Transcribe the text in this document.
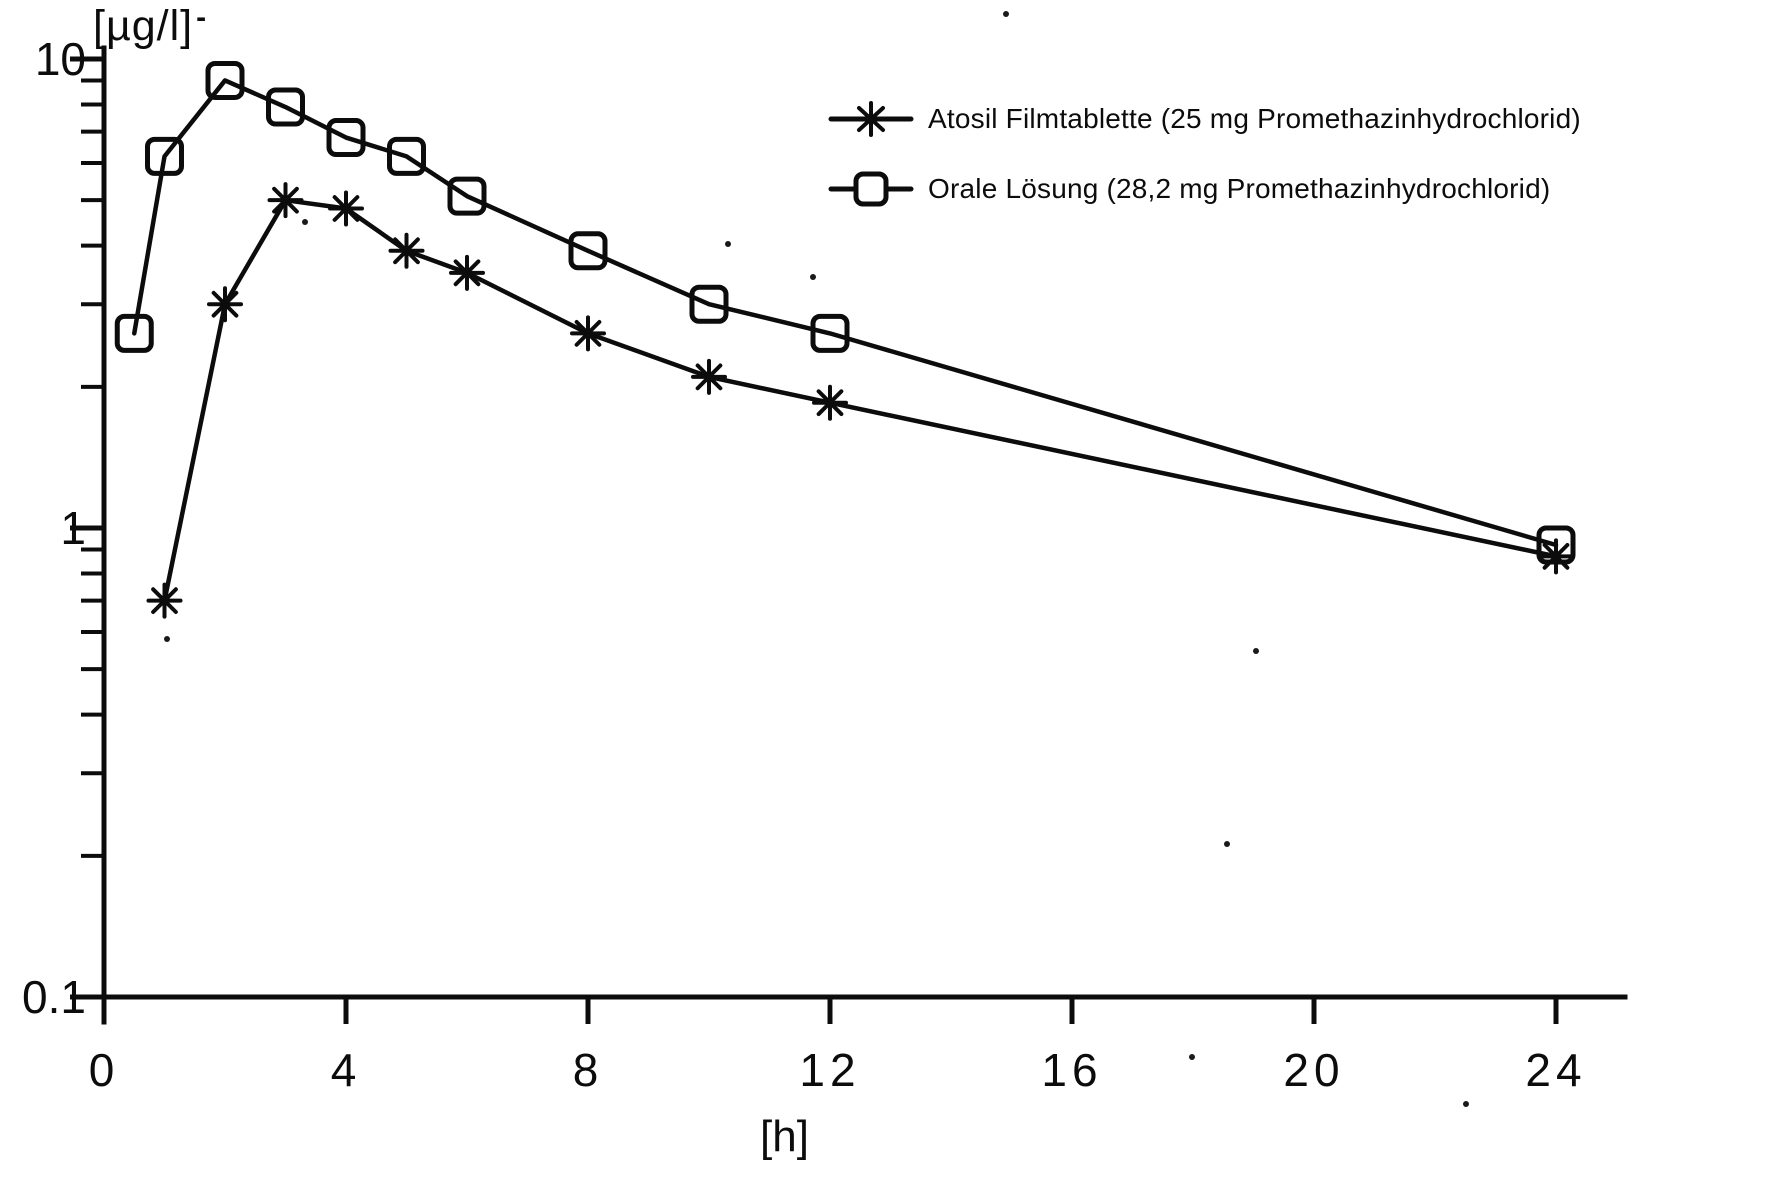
[µg/l] -
10
1
0.1
0	4	8	12	16	20	24
Atosil Filmtablette (25 mg Promethazinhydrochlorid)
Orale Lösung (28,2 mg Promethazinhydrochlorid)
[h]
